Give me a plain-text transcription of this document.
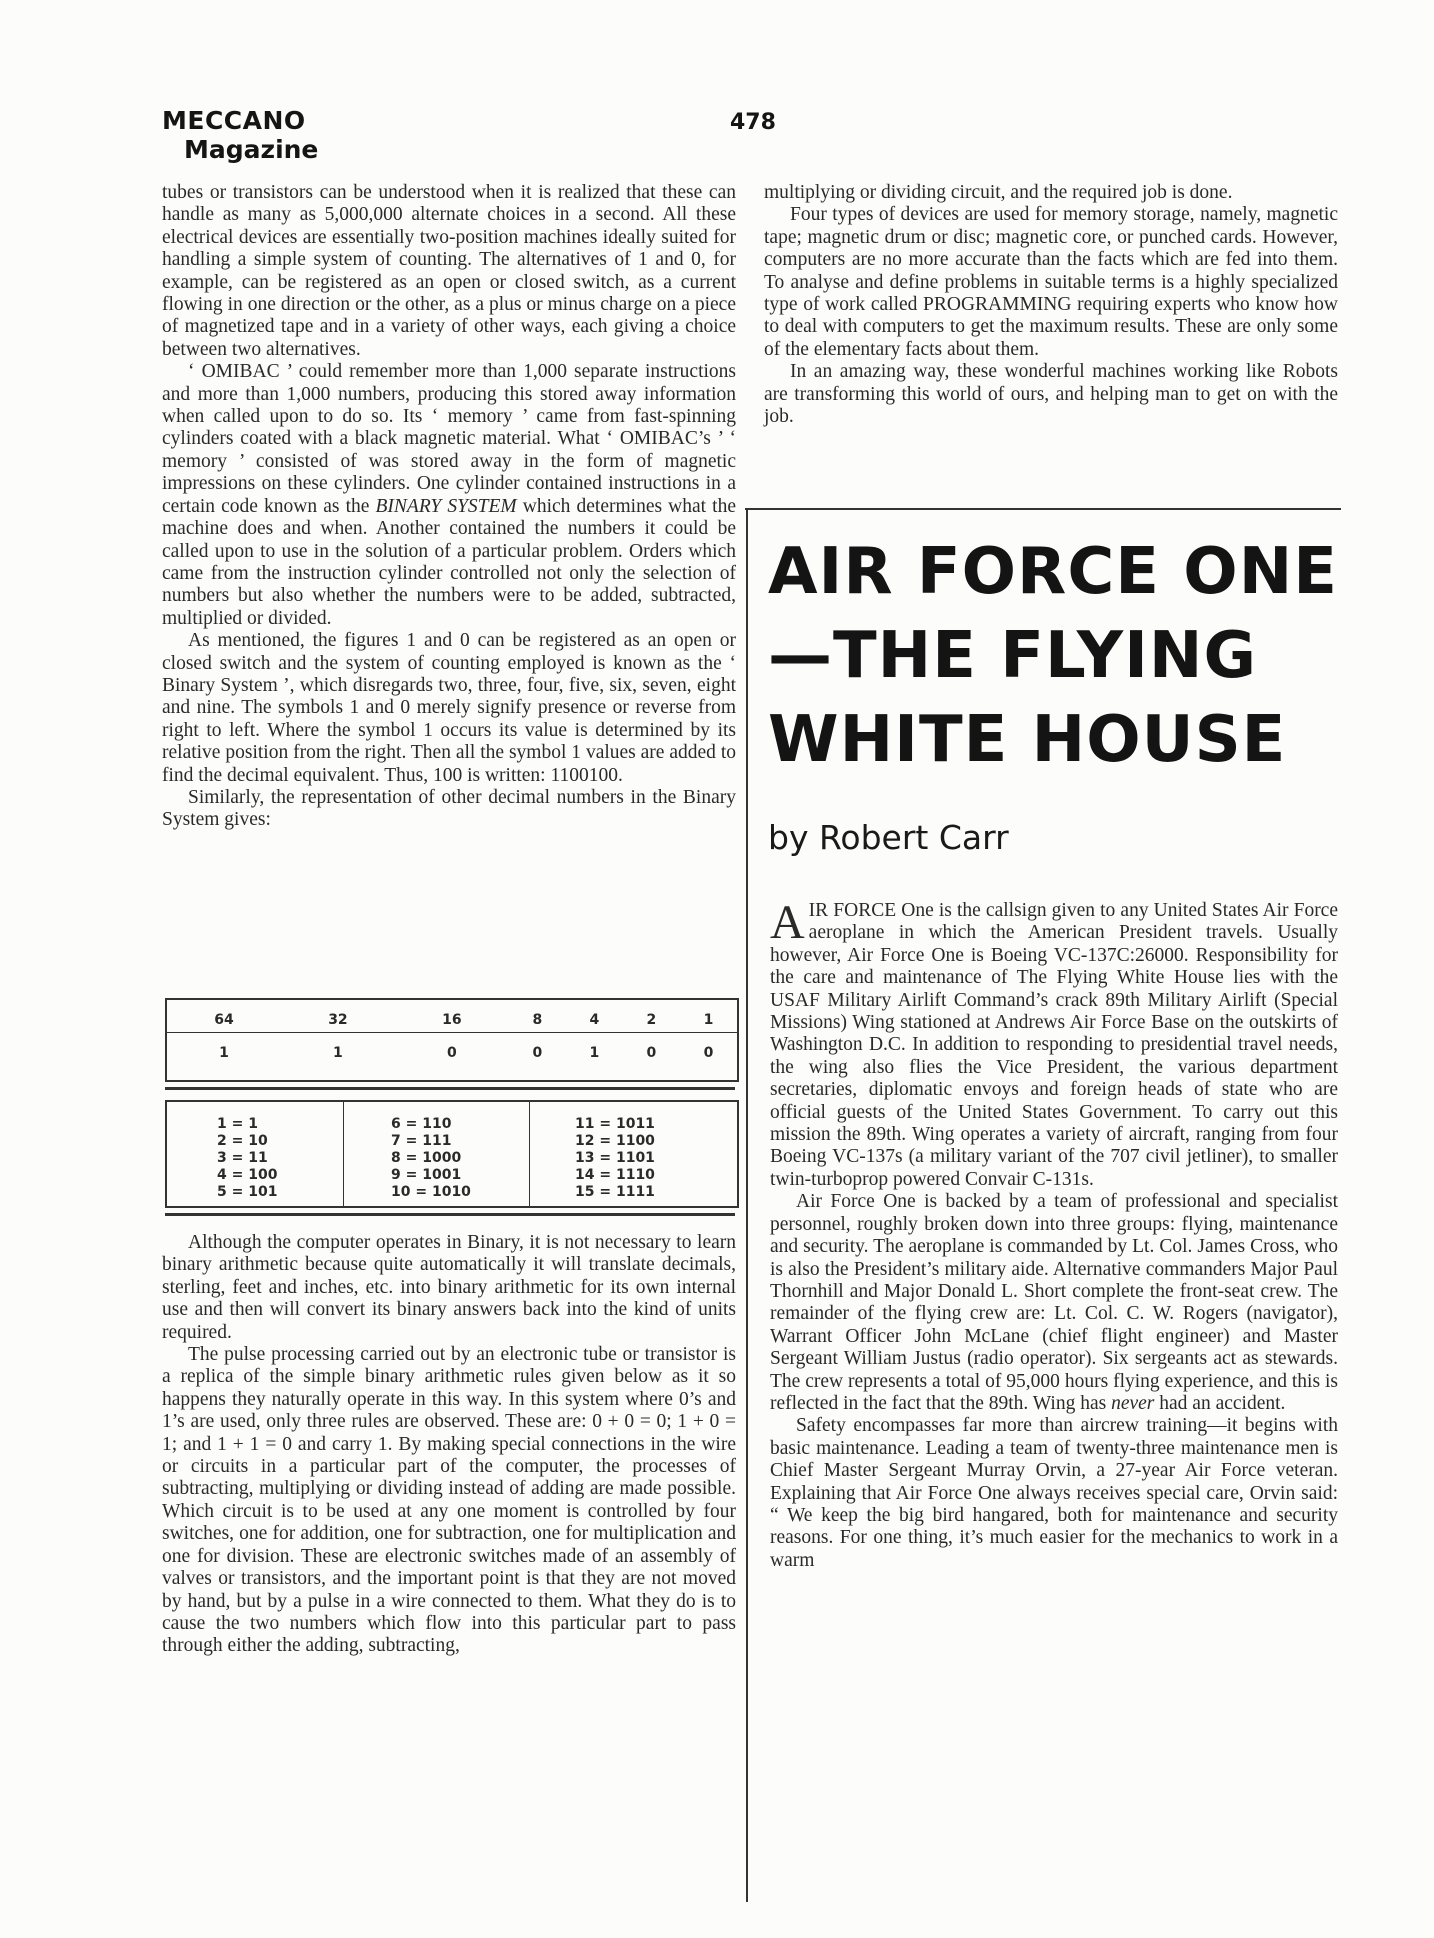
MECCANO
Magazine
478

tubes or transistors can be understood when it is realized that these can handle as many as 5,000,000 alternate choices in a second. All these electrical devices are essentially two-position machines ideally suited for handling a simple system of counting. The alternatives of 1 and 0, for example, can be registered as an open or closed switch, as a current flowing in one direction or the other, as a plus or minus charge on a piece of magnetized tape and in a variety of other ways, each giving a choice between two alternatives.

‘ OMIBAC ’ could remember more than 1,000 separate instructions and more than 1,000 numbers, producing this stored away information when called upon to do so. Its ‘ memory ’ came from fast-spinning cylinders coated with a black magnetic material. What ‘ OMIBAC’s ’ ‘ memory ’ consisted of was stored away in the form of magnetic impressions on these cylinders. One cylinder contained instructions in a certain code known as the BINARY SYSTEM which determines what the machine does and when. Another contained the numbers it could be called upon to use in the solution of a particular problem. Orders which came from the instruction cylinder controlled not only the selection of numbers but also whether the numbers were to be added, subtracted, multiplied or divided.

As mentioned, the figures 1 and 0 can be registered as an open or closed switch and the system of counting employed is known as the ‘ Binary System ’, which disregards two, three, four, five, six, seven, eight and nine. The symbols 1 and 0 merely signify presence or reverse from right to left. Where the symbol 1 occurs its value is determined by its relative position from the right. Then all the symbol 1 values are added to find the decimal equivalent. Thus, 100 is written: 1100100.

Similarly, the representation of other decimal numbers in the Binary System gives:

64	32	16	8	4	2	1

1	1	0	0	1	0	0
1 = 1
2 = 10
3 = 11
4 = 100
5 = 101
6 = 110
7 = 111
8 = 1000
9 = 1001
10 = 1010
11 = 1011
12 = 1100
13 = 1101
14 = 1110
15 = 1111

Although the computer operates in Binary, it is not necessary to learn binary arithmetic because quite automatically it will translate decimals, sterling, feet and inches, etc. into binary arithmetic for its own internal use and then will convert its binary answers back into the kind of units required.

The pulse processing carried out by an electronic tube or transistor is a replica of the simple binary arithmetic rules given below as it so happens they naturally operate in this way. In this system where 0’s and 1’s are used, only three rules are observed. These are: 0 + 0 = 0; 1 + 0 = 1; and 1 + 1 = 0 and carry 1. By making special connections in the wire or circuits in a particular part of the computer, the processes of subtracting, multiplying or dividing instead of adding are made possible. Which circuit is to be used at any one moment is controlled by four switches, one for addition, one for subtraction, one for multiplication and one for division. These are electronic switches made of an assembly of valves or transistors, and the important point is that they are not moved by hand, but by a pulse in a wire connected to them. What they do is to cause the two numbers which flow into this particular part to pass through either the adding, subtracting,

multiplying or dividing circuit, and the required job is done.

Four types of devices are used for memory storage, namely, magnetic tape; magnetic drum or disc; magnetic core, or punched cards. However, computers are no more accurate than the facts which are fed into them. To analyse and define problems in suitable terms is a highly specialized type of work called PROGRAMMING requiring experts who know how to deal with computers to get the maximum results. These are only some of the elementary facts about them.

In an amazing way, these wonderful machines working like Robots are transforming this world of ours, and helping man to get on with the job.

AIR FORCE ONE
—THE FLYING
WHITE HOUSE
by Robert Carr

AIR FORCE One is the callsign given to any United States Air Force aeroplane in which the American President travels. Usually however, Air Force One is Boeing VC-137C:26000. Responsibility for the care and maintenance of The Flying White House lies with the USAF Military Airlift Command’s crack 89th Military Airlift (Special Missions) Wing stationed at Andrews Air Force Base on the outskirts of Washington D.C. In addition to responding to presidential travel needs, the wing also flies the Vice President, the various department secretaries, diplomatic envoys and foreign heads of state who are official guests of the United States Government. To carry out this mission the 89th. Wing operates a variety of aircraft, ranging from four Boeing VC-137s (a military variant of the 707 civil jetliner), to smaller twin-turboprop powered Convair C-131s.

Air Force One is backed by a team of professional and specialist personnel, roughly broken down into three groups: flying, maintenance and security. The aeroplane is commanded by Lt. Col. James Cross, who is also the President’s military aide. Alternative commanders Major Paul Thornhill and Major Donald L. Short complete the front-seat crew. The remainder of the flying crew are: Lt. Col. C. W. Rogers (navigator), Warrant Officer John McLane (chief flight engineer) and Master Sergeant William Justus (radio operator). Six sergeants act as stewards. The crew represents a total of 95,000 hours flying experience, and this is reflected in the fact that the 89th. Wing has never had an accident.

Safety encompasses far more than aircrew training—it begins with basic maintenance. Leading a team of twenty-three maintenance men is Chief Master Sergeant Murray Orvin, a 27-year Air Force veteran. Explaining that Air Force One always receives special care, Orvin said: “ We keep the big bird hangared, both for maintenance and security reasons. For one thing, it’s much easier for the mechanics to work in a warm
